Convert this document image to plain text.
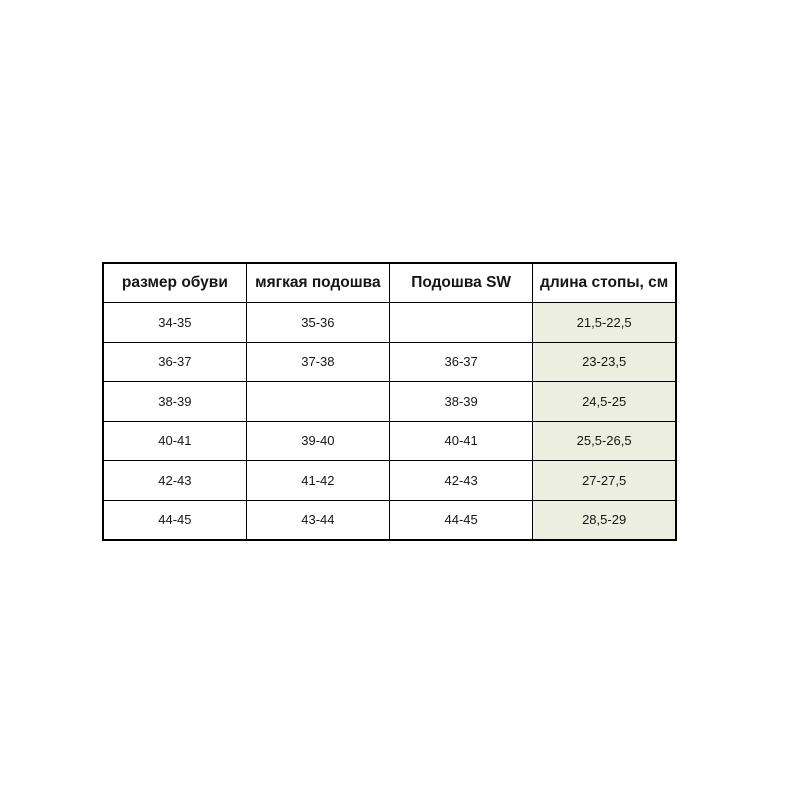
размер обуви	мягкая подошва	Подошва SW	длина стопы, см
34-35	35-36		21,5-22,5
36-37	37-38	36-37	23-23,5
38-39		38-39	24,5-25
40-41	39-40	40-41	25,5-26,5
42-43	41-42	42-43	27-27,5
44-45	43-44	44-45	28,5-29
